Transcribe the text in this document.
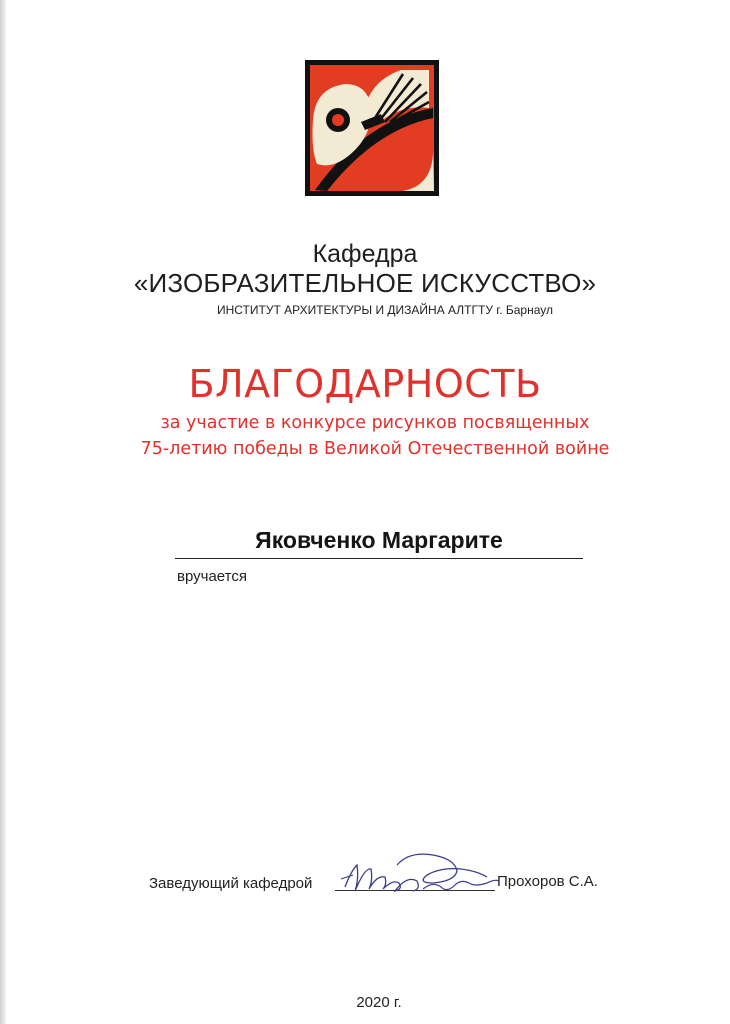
Кафедра
«ИЗОБРАЗИТЕЛЬНОЕ ИСКУССТВО»
ИНСТИТУТ АРХИТЕКТУРЫ И ДИЗАЙНА АЛТГТУ г. Барнаул
БЛАГОДАРНОСТЬ
за участие в конкурсе рисунков посвященных
75-летию победы в Великой Отечественной войне
Яковченко Маргарите
вручается
Заведующий кафедрой	Прохоров С.А.
2020 г.
